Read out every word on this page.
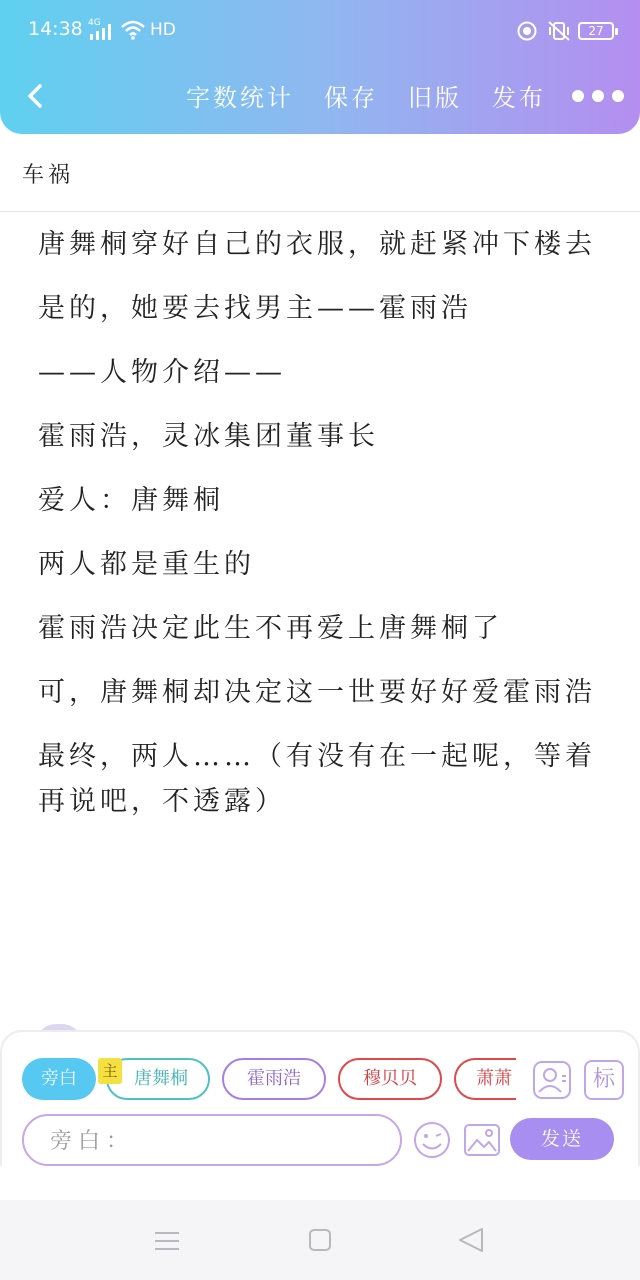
14:38 4G	HD	27
字数统计 保存 旧版 发布
车祸

唐舞桐穿好自己的衣服，就赶紧冲下楼去

是的，她要去找男主——霍雨浩

——人物介绍——

霍雨浩，灵冰集团董事长

爱人：唐舞桐

两人都是重生的

霍雨浩决定此生不再爱上唐舞桐了

可，唐舞桐却决定这一世要好好爱霍雨浩

最终，两人……（有没有在一起呢，等着再说吧，不透露）

旁白	唐舞桐
主	霍雨浩	穆贝贝	萧萧	标
旁白：
发送
